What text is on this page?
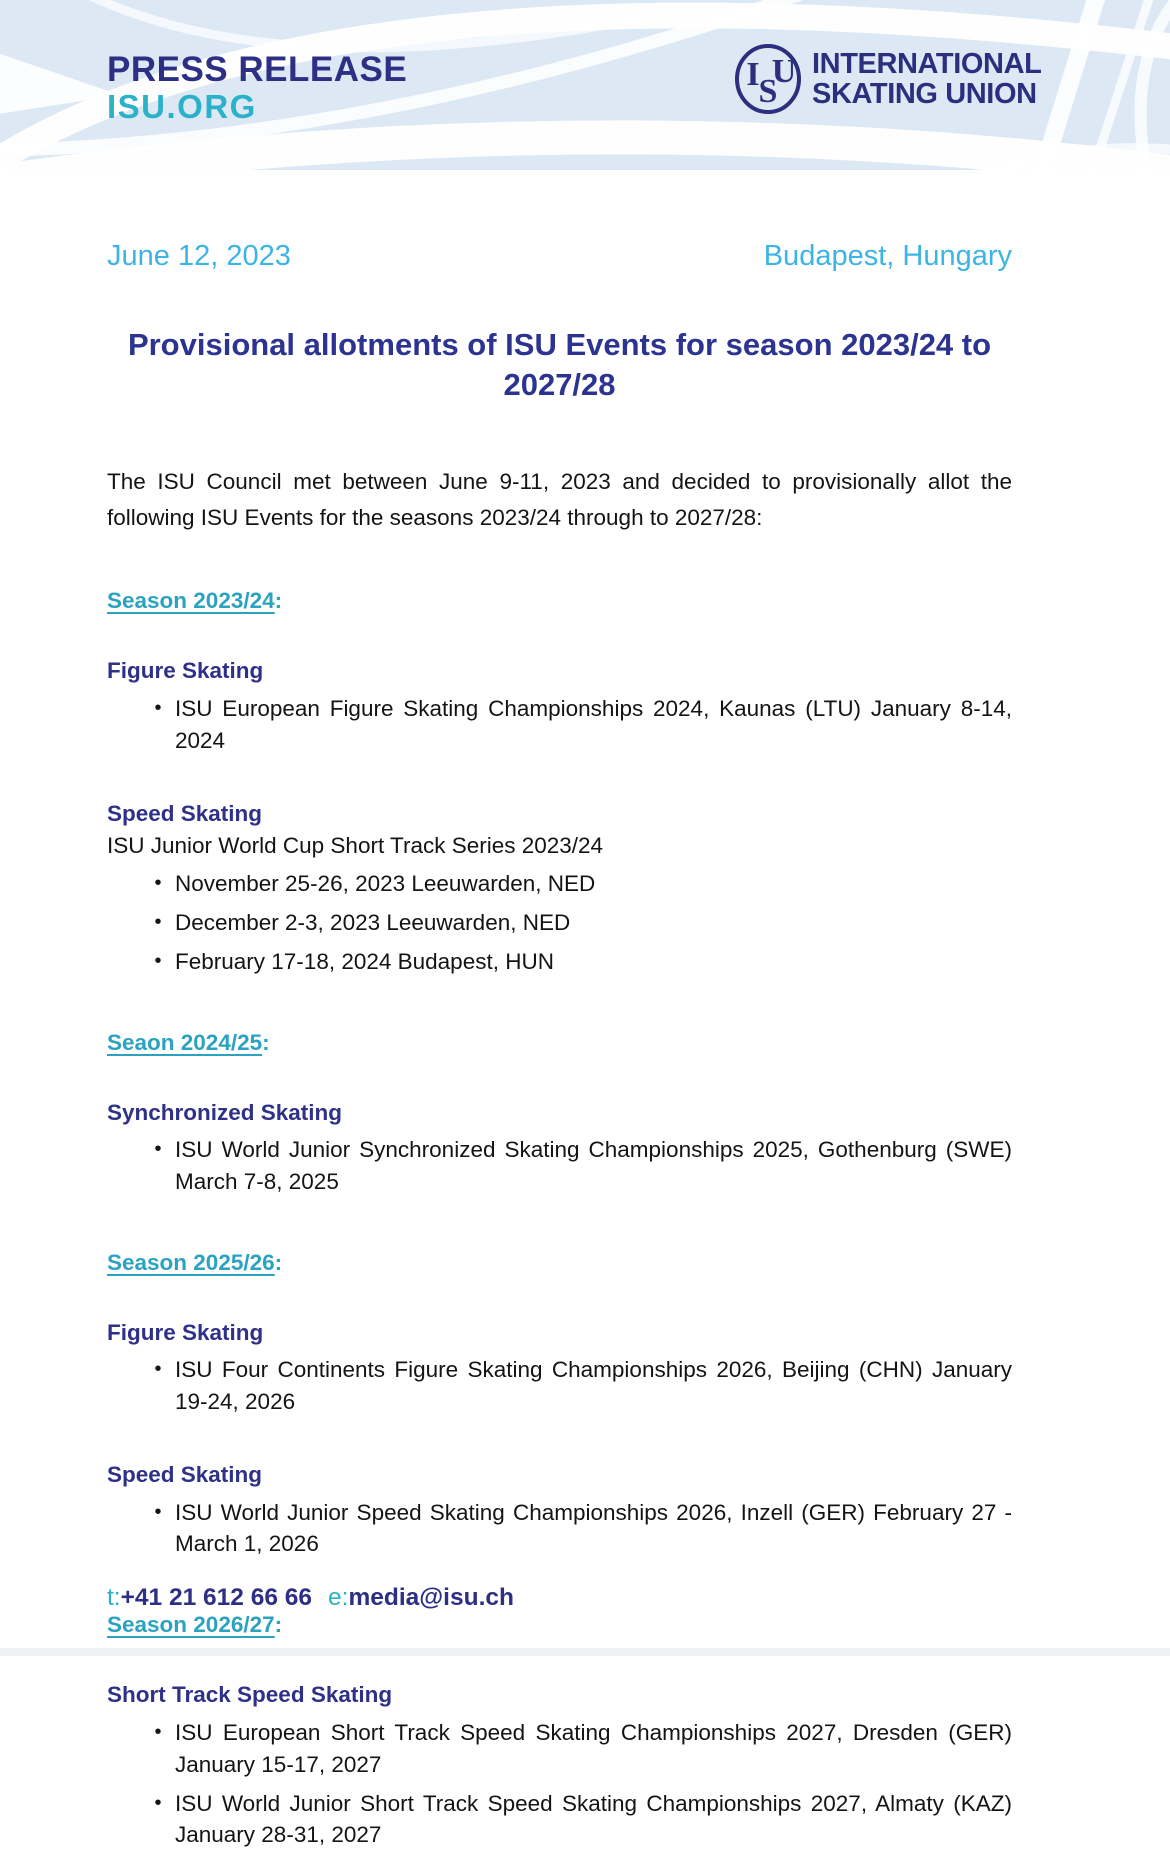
PRESS RELEASE
ISU.ORG
I
S
U INTERNATIONAL
SKATING UNION
June 12, 2023	Budapest, Hungary
Provisional allotments of ISU Events for season 2023/24 to 2027/28

The ISU Council met between June 9-11, 2023 and decided to provisionally allot the following ISU Events for the seasons 2023/24 through to 2027/28:

Season 2023/24:
Figure Skating
• ISU European Figure Skating Championships 2024, Kaunas (LTU) January 8-14, 2024
Speed Skating
ISU Junior World Cup Short Track Series 2023/24
• November 25-26, 2023 Leeuwarden, NED
• December 2-3, 2023 Leeuwarden, NED
• February 17-18, 2024 Budapest, HUN
Seaon 2024/25:
Synchronized Skating
• ISU World Junior Synchronized Skating Championships 2025, Gothenburg (SWE) March 7-8, 2025
Season 2025/26:
Figure Skating
• ISU Four Continents Figure Skating Championships 2026, Beijing (CHN) January 19-24, 2026
Speed Skating
• ISU World Junior Speed Skating Championships 2026, Inzell (GER) February 27 - March 1, 2026
Season 2026/27:
Short Track Speed Skating
• ISU European Short Track Speed Skating Championships 2027, Dresden (GER) January 15-17, 2027
• ISU World Junior Short Track Speed Skating Championships 2027, Almaty (KAZ) January 28-31, 2027
t:+41 21 612 66 66 e:media@isu.ch
